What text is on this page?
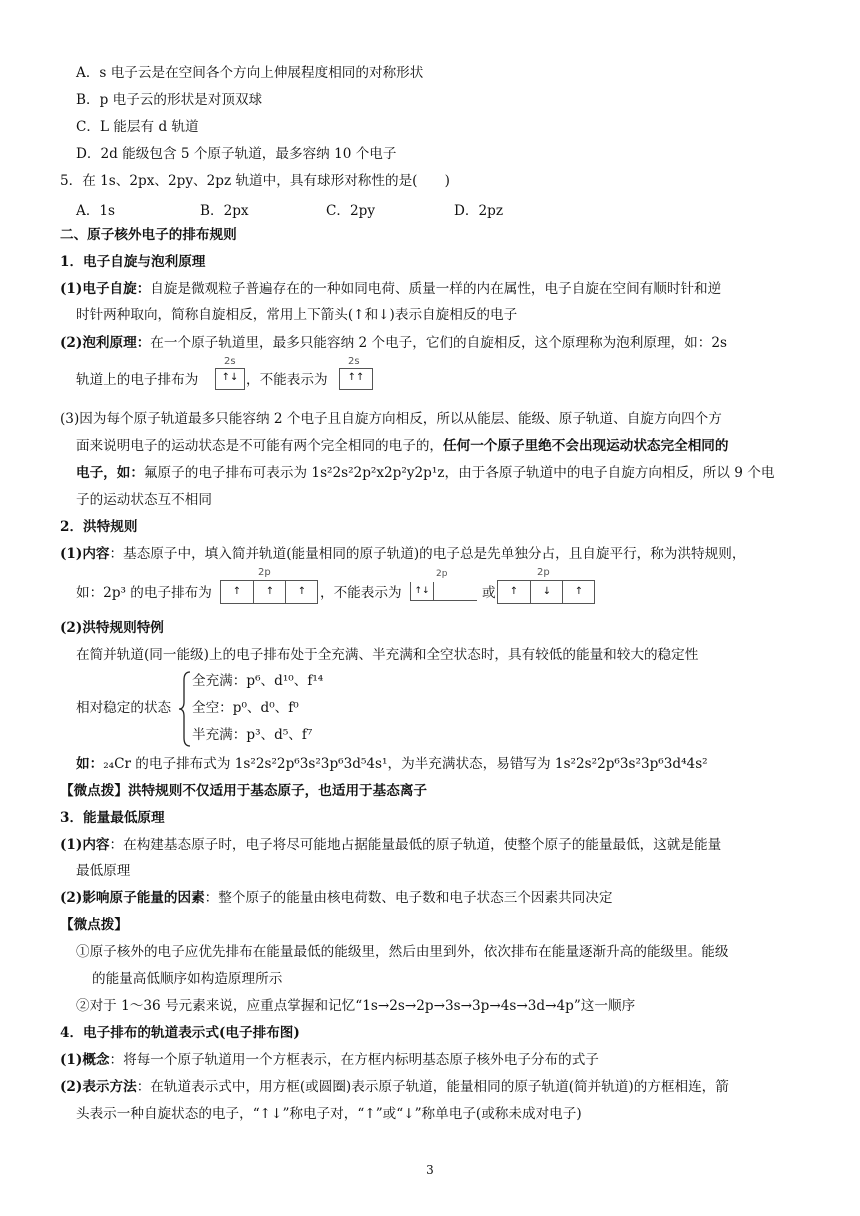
A．s 电子云是在空间各个方向上伸展程度相同的对称形状
B．p 电子云的形状是对顶双球
C．L 能层有 d 轨道
D．2d 能级包含 5 个原子轨道，最多容纳 10 个电子
5．在 1s、2px、2py、2pz 轨道中，具有球形对称性的是(　　)
A．1s	B．2px	C．2py	D．2pz
二、原子核外电子的排布规则
1．电子自旋与泡利原理
(1)电子自旋：自旋是微观粒子普遍存在的一种如同电荷、质量一样的内在属性，电子自旋在空间有顺时针和逆
时针两种取向，简称自旋相反，常用上下箭头(↑和↓)表示自旋相反的电子
(2)泡利原理：在一个原子轨道里，最多只能容纳 2 个电子，它们的自旋相反，这个原理称为泡利原理，如：2s
轨道上的电子排布为
2s
↑↓ ，不能表示为
2s
↑↑
(3)因为每个原子轨道最多只能容纳 2 个电子且自旋方向相反，所以从能层、能级、原子轨道、自旋方向四个方
面来说明电子的运动状态是不可能有两个完全相同的电子的，任何一个原子里绝不会出现运动状态完全相同的
电子，如：氟原子的电子排布可表示为 1s²2s²2p²x2p²y2p¹z，由于各原子轨道中的电子自旋方向相反，所以 9 个电
子的运动状态互不相同
2．洪特规则
(1)内容：基态原子中，填入简并轨道(能量相同的原子轨道)的电子总是先单独分占，且自旋平行，称为洪特规则，
如：2p³ 的电子排布为
2p
↑	↑	↑	，不能表示为
2p
↑↓	或
2p
↑	↓	↑
(2)洪特规则特例
在简并轨道(同一能级)上的电子排布处于全充满、半充满和全空状态时，具有较低的能量和较大的稳定性
相对稳定的状态
全充满：p⁶、d¹⁰、f¹⁴
全空：p⁰、d⁰、f⁰
半充满：p³、d⁵、f⁷
如：₂₄Cr 的电子排布式为 1s²2s²2p⁶3s²3p⁶3d⁵4s¹，为半充满状态，易错写为 1s²2s²2p⁶3s²3p⁶3d⁴4s²
【微点拨】洪特规则不仅适用于基态原子，也适用于基态离子
3．能量最低原理
(1)内容：在构建基态原子时，电子将尽可能地占据能量最低的原子轨道，使整个原子的能量最低，这就是能量
最低原理
(2)影响原子能量的因素：整个原子的能量由核电荷数、电子数和电子状态三个因素共同决定
【微点拨】
①原子核外的电子应优先排布在能量最低的能级里，然后由里到外，依次排布在能量逐渐升高的能级里。能级
的能量高低顺序如构造原理所示
②对于 1～36 号元素来说，应重点掌握和记忆“1s→2s→2p→3s→3p→4s→3d→4p”这一顺序
4．电子排布的轨道表示式(电子排布图)
(1)概念：将每一个原子轨道用一个方框表示，在方框内标明基态原子核外电子分布的式子
(2)表示方法：在轨道表示式中，用方框(或圆圈)表示原子轨道，能量相同的原子轨道(简并轨道)的方框相连，箭
头表示一种自旋状态的电子，“↑↓”称电子对，“↑”或“↓”称单电子(或称未成对电子)
3
